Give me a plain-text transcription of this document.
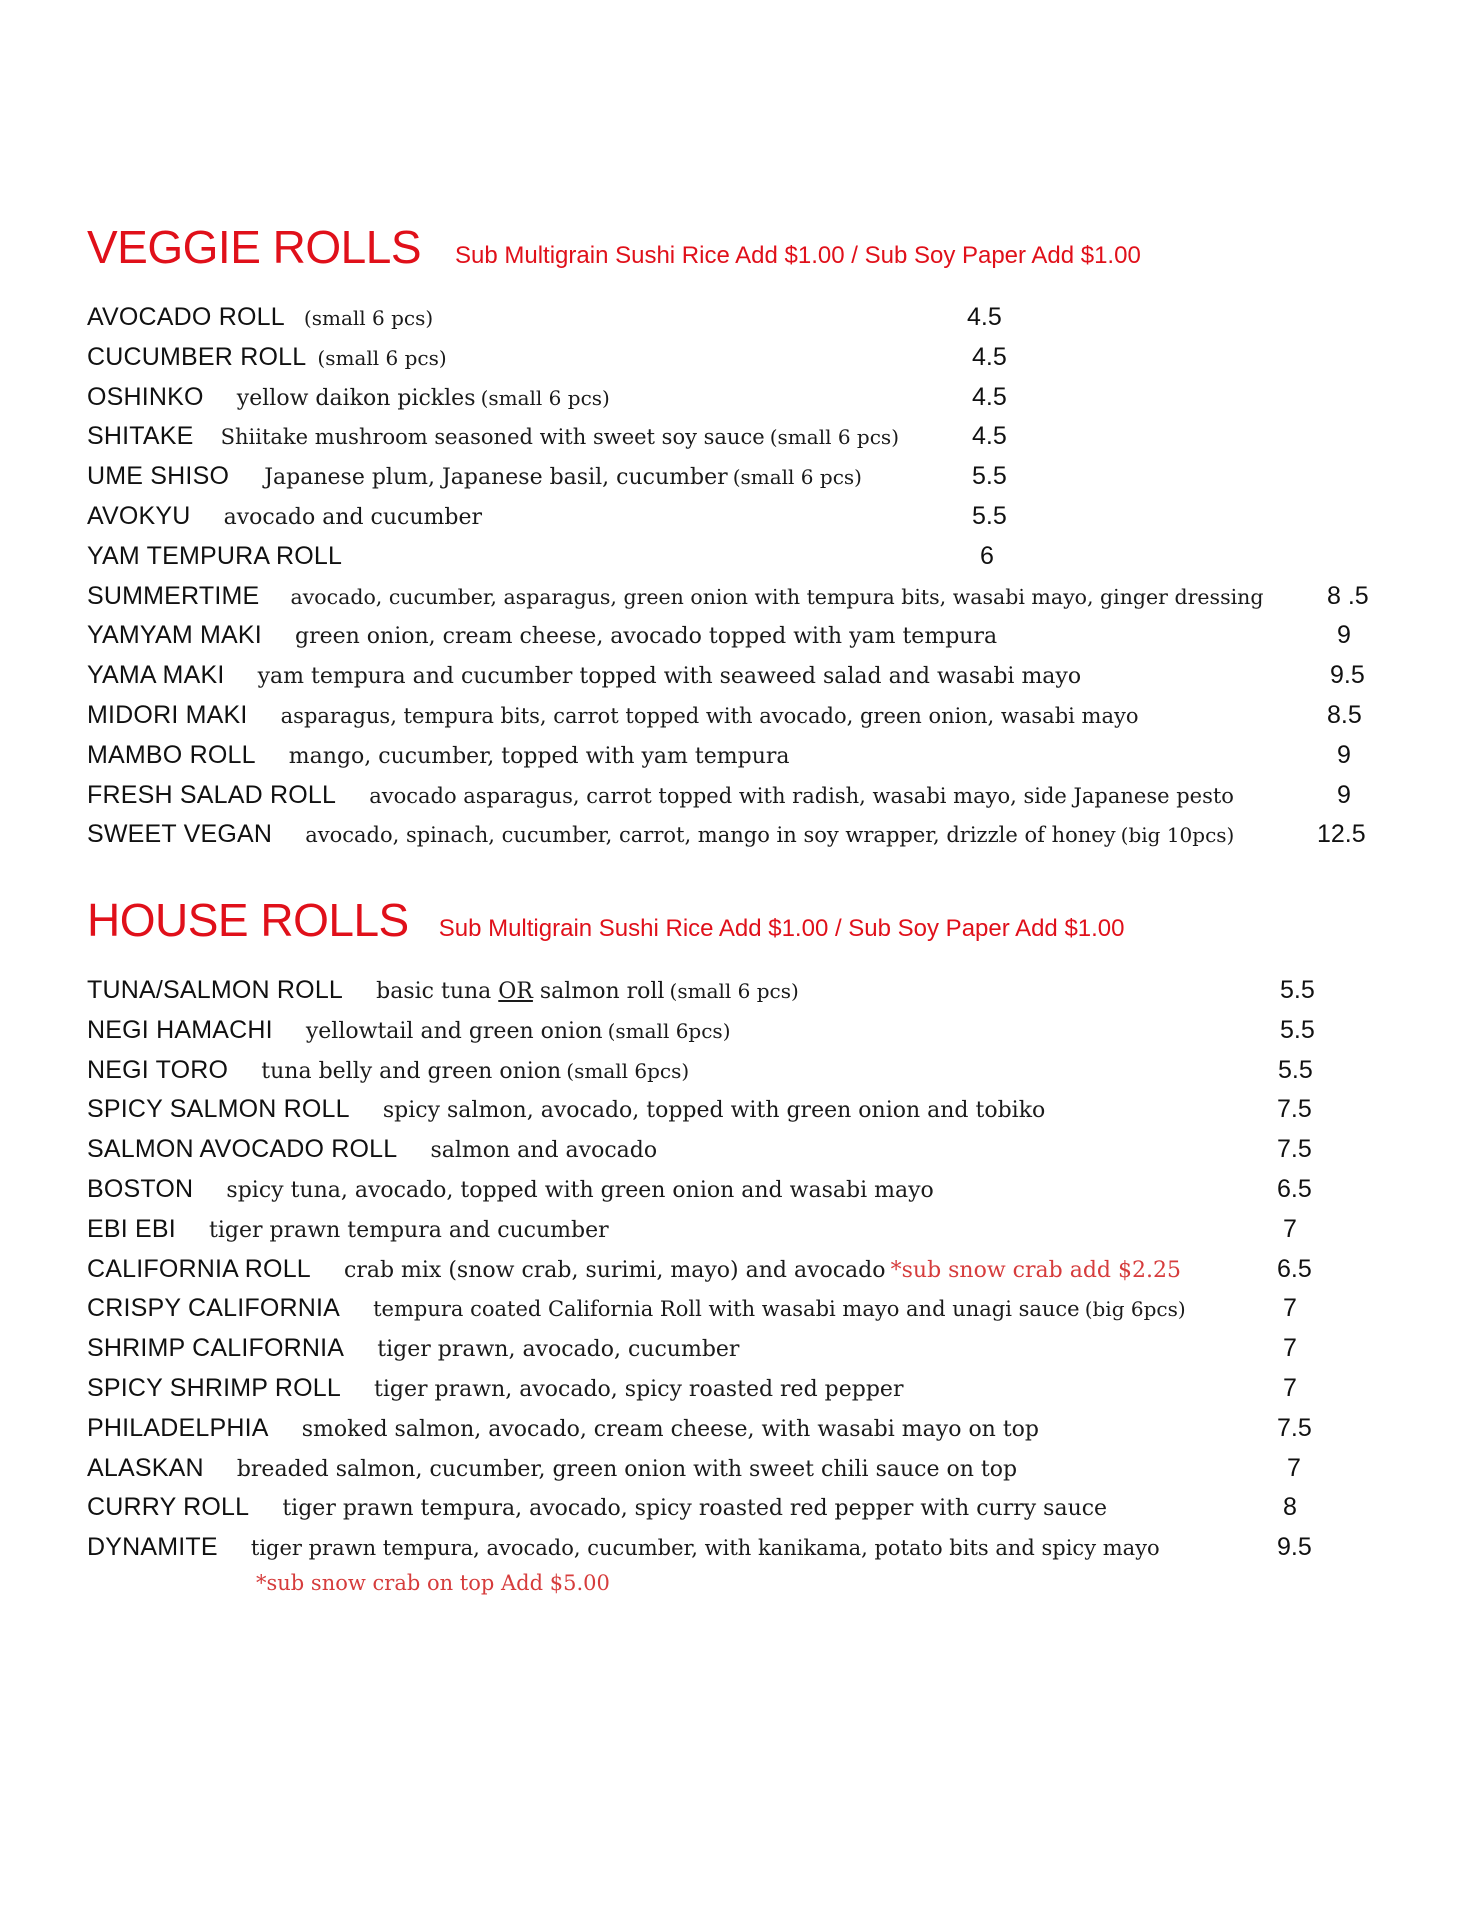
VEGGIE ROLLS Sub Multigrain Sushi Rice Add $1.00 / Sub Soy Paper Add $1.00
AVOCADO ROLL (small 6 pcs)	4.5
CUCUMBER ROLL (small 6 pcs)	4.5
OSHINKO yellow daikon pickles (small 6 pcs)	4.5
SHITAKE Shiitake mushroom seasoned with sweet soy sauce (small 6 pcs)	4.5
UME SHISO Japanese plum, Japanese basil, cucumber (small 6 pcs)	5.5
AVOKYU avocado and cucumber	5.5
YAM TEMPURA ROLL	6
SUMMERTIME avocado, cucumber, asparagus, green onion with tempura bits, wasabi mayo, ginger dressing	8 .5
YAMYAM MAKI green onion, cream cheese, avocado topped with yam tempura	9
YAMA MAKI yam tempura and cucumber topped with seaweed salad and wasabi mayo	9.5
MIDORI MAKI asparagus, tempura bits, carrot topped with avocado, green onion, wasabi mayo	8.5
MAMBO ROLL mango, cucumber, topped with yam tempura	9
FRESH SALAD ROLL avocado asparagus, carrot topped with radish, wasabi mayo, side Japanese pesto	9
SWEET VEGAN avocado, spinach, cucumber, carrot, mango in soy wrapper, drizzle of honey (big 10pcs)	12.5
HOUSE ROLLS Sub Multigrain Sushi Rice Add $1.00 / Sub Soy Paper Add $1.00
TUNA/SALMON ROLL basic tuna OR salmon roll (small 6 pcs)	5.5
NEGI HAMACHI yellowtail and green onion (small 6pcs)	5.5
NEGI TORO tuna belly and green onion (small 6pcs)	5.5
SPICY SALMON ROLL spicy salmon, avocado, topped with green onion and tobiko	7.5
SALMON AVOCADO ROLL salmon and avocado	7.5
BOSTON spicy tuna, avocado, topped with green onion and wasabi mayo	6.5
EBI EBI tiger prawn tempura and cucumber	7
CALIFORNIA ROLL crab mix (snow crab, surimi, mayo) and avocado *sub snow crab add $2.25	6.5
CRISPY CALIFORNIA tempura coated California Roll with wasabi mayo and unagi sauce (big 6pcs)	7
SHRIMP CALIFORNIA tiger prawn, avocado, cucumber	7
SPICY SHRIMP ROLL tiger prawn, avocado, spicy roasted red pepper	7
PHILADELPHIA smoked salmon, avocado, cream cheese, with wasabi mayo on top	7.5
ALASKAN breaded salmon, cucumber, green onion with sweet chili sauce on top	7
CURRY ROLL tiger prawn tempura, avocado, spicy roasted red pepper with curry sauce	8
DYNAMITE tiger prawn tempura, avocado, cucumber, with kanikama, potato bits and spicy mayo	9.5
*sub snow crab on top Add $5.00
